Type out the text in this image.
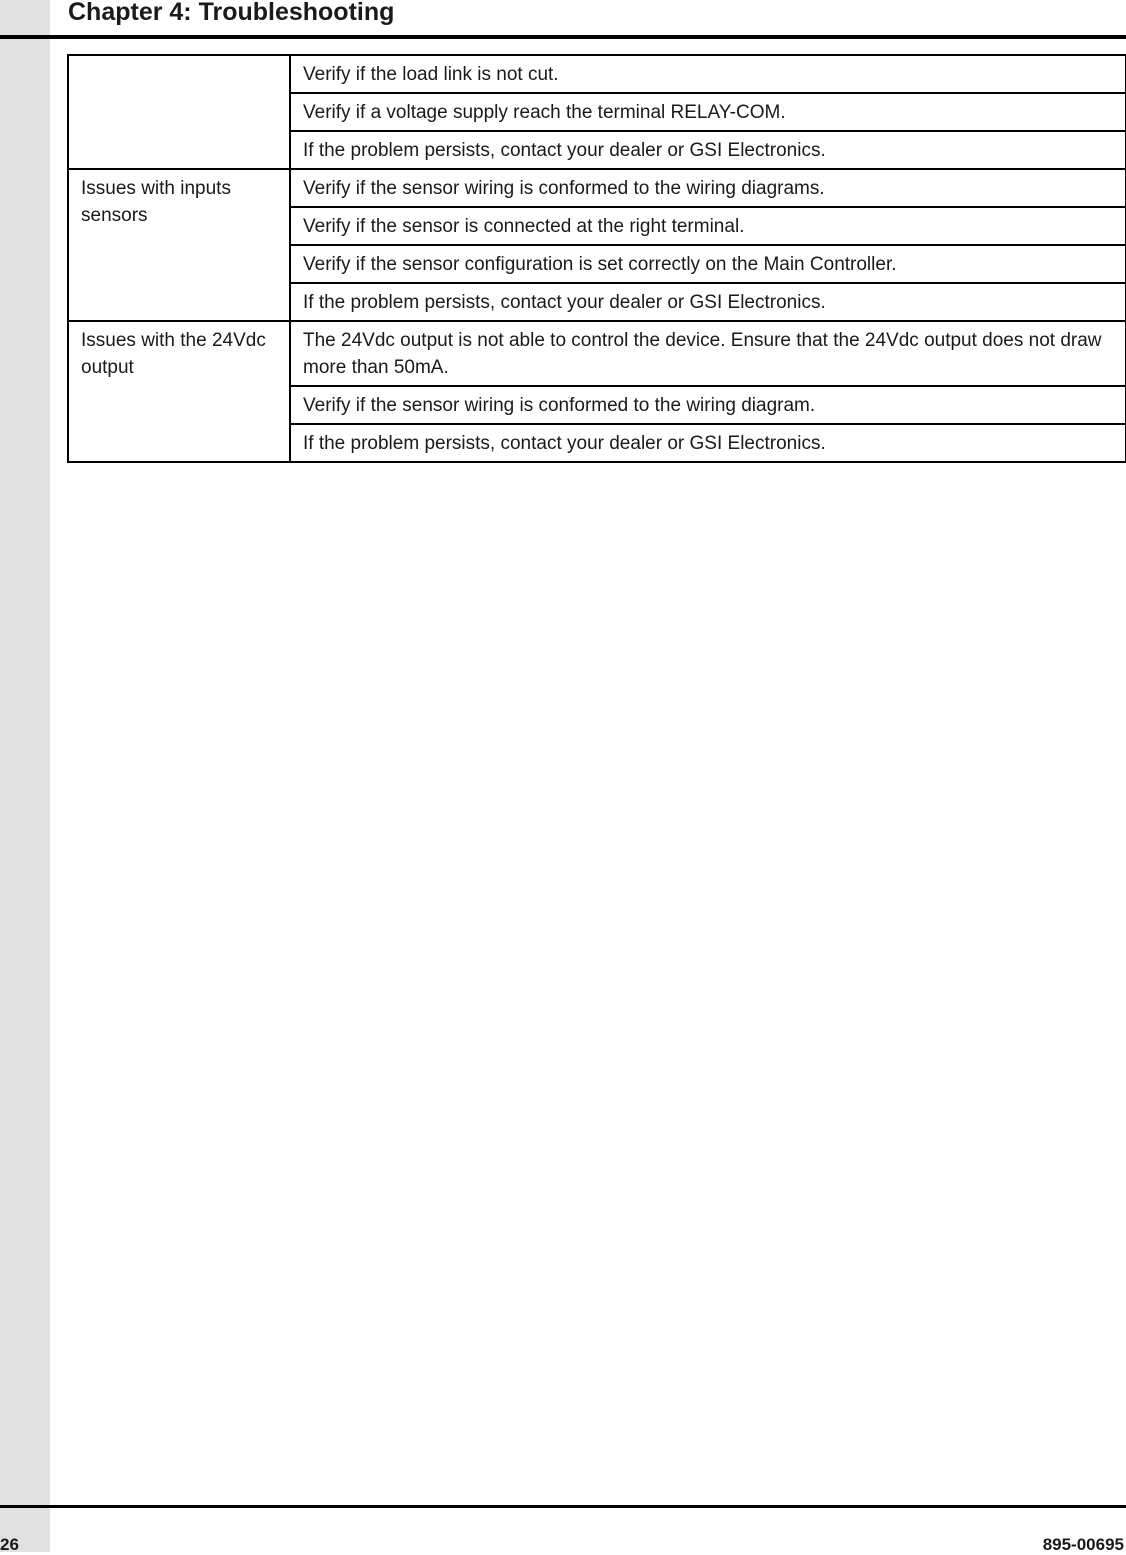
Chapter 4: Troubleshooting
	Verify if the load link is not cut.
	Verify if a voltage supply reach the terminal RELAY-COM.
	If the problem persists, contact your dealer or GSI Electronics.
Issues with inputs sensors	Verify if the sensor wiring is conformed to the wiring diagrams.
	Verify if the sensor is connected at the right terminal.
	Verify if the sensor configuration is set correctly on the Main Controller.
	If the problem persists, contact your dealer or GSI Electronics.
Issues with the 24Vdc output	The 24Vdc output is not able to control the device. Ensure that the 24Vdc output does not draw more than 50mA.
	Verify if the sensor wiring is conformed to the wiring diagram.
	If the problem persists, contact your dealer or GSI Electronics.
26	895-00695
